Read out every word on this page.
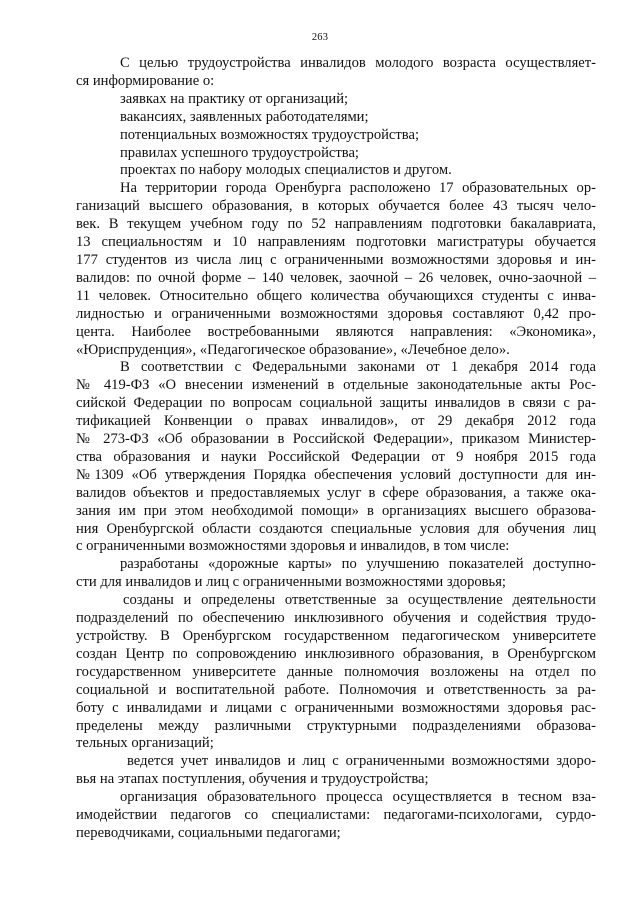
263
С целью трудоустройства инвалидов молодого возраста осуществляет-
ся информирование о:
заявках на практику от организаций;
вакансиях, заявленных работодателями;
потенциальных возможностях трудоустройства;
правилах успешного трудоустройства;
проектах по набору молодых специалистов и другом.
На территории города Оренбурга расположено 17 образовательных ор-
ганизаций высшего образования, в которых обучается более 43 тысяч чело-
век. В текущем учебном году по 52 направлениям подготовки бакалавриата,
13 специальностям и 10 направлениям подготовки магистратуры обучается
177 студентов из числа лиц с ограниченными возможностями здоровья и ин-
валидов: по очной форме – 140 человек, заочной – 26 человек, очно-заочной –
11 человек. Относительно общего количества обучающихся студенты с инва-
лидностью и ограниченными возможностями здоровья составляют 0,42 про-
цента. Наиболее востребованными являются направления: «Экономика»,
«Юриспруденция», «Педагогическое образование», «Лечебное дело».
В соответствии с Федеральными законами от 1 декабря 2014 года
№ 419-ФЗ «О внесении изменений в отдельные законодательные акты Рос-
сийской Федерации по вопросам социальной защиты инвалидов в связи с ра-
тификацией Конвенции о правах инвалидов», от 29 декабря 2012 года
№ 273-ФЗ «Об образовании в Российской Федерации», приказом Министер-
ства образования и науки Российской Федерации от 9 ноября 2015 года
№1309 «Об утверждения Порядка обеспечения условий доступности для ин-
валидов объектов и предоставляемых услуг в сфере образования, а также ока-
зания им при этом необходимой помощи» в организациях высшего образова-
ния Оренбургской области создаются специальные условия для обучения лиц
с ограниченными возможностями здоровья и инвалидов, в том числе:
разработаны «дорожные карты» по улучшению показателей доступно-
сти для инвалидов и лиц с ограниченными возможностями здоровья;
созданы и определены ответственные за осуществление деятельности
подразделений по обеспечению инклюзивного обучения и содействия трудо-
устройству. В Оренбургском государственном педагогическом университете
создан Центр по сопровождению инклюзивного образования, в Оренбургском
государственном университете данные полномочия возложены на отдел по
социальной и воспитательной работе. Полномочия и ответственность за ра-
боту с инвалидами и лицами с ограниченными возможностями здоровья рас-
пределены между различными структурными подразделениями образова-
тельных организаций;
ведется учет инвалидов и лиц с ограниченными возможностями здоро-
вья на этапах поступления, обучения и трудоустройства;
организация образовательного процесса осуществляется в тесном вза-
имодействии педагогов со специалистами: педагогами-психологами, сурдо-
переводчиками, социальными педагогами;
